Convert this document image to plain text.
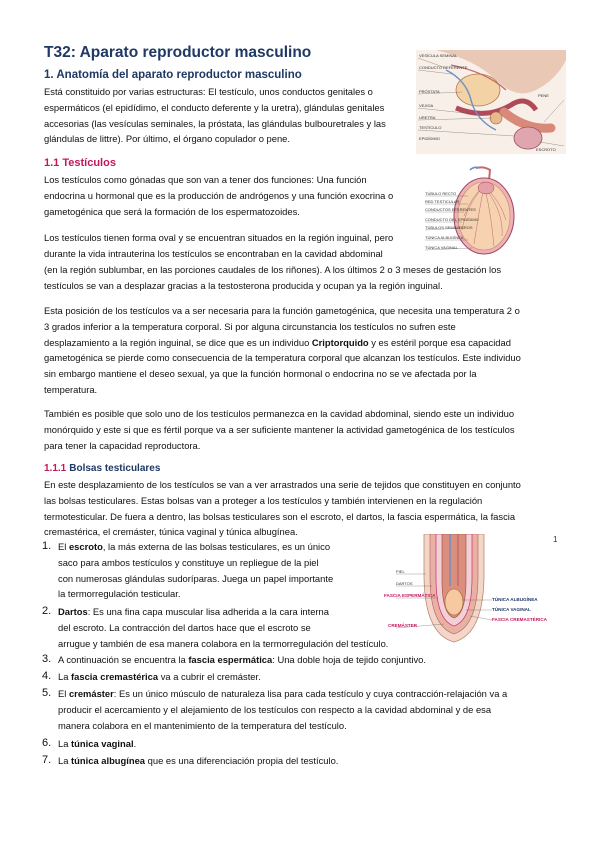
T32: Aparato reproductor masculino
1. Anatomía del aparato reproductor masculino
Está constituido por varias estructuras: El testículo, unos conductos genitales o
espermáticos (el epidídimo, el conducto deferente y la uretra), glándulas genitales
accesorias (las vesículas seminales, la próstata, las glándulas bulbouretrales y las
glándulas de littre). Por último, el órgano copulador o pene.
VESÍCULA SEMINAL
CONDUCTO DEFERENTE
PRÓSTATA
VEJIGA
URETRA
PENE
TESTÍCULO
EPIDÍDIMO
ESCROTO
1.1 Testículos
Los testículos como gónadas que son van a tener dos funciones: Una función
endocrina u hormonal que es la producción de andrógenos y una función exocrina o
gametogénica que será la formación de los espermatozoides.
Los testículos tienen forma oval y se encuentran situados en la región inguinal, pero
durante la vida intrauterina los testículos se encontraban en la cavidad abdominal
(en la región sublumbar, en las porciones caudales de los riñones). A los últimos 2 o 3 meses de gestación los
testículos se van a desplazar gracias a la testosterona producida y ocupan ya la región inguinal.
TÚBULO RECTO
RED TESTICULAR
CONDUCTOS EFERENTES
CONDUCTO DEL EPIDÍDIMO
TÚBULOS SEMINÍFEROS
TÚNICA ALBUGÍNEA
TÚNICA VAGINAL
Esta posición de los testículos va a ser necesaria para la función gametogénica, que necesita una temperatura 2 o
3 grados inferior a la temperatura corporal. Si por alguna circunstancia los testículos no sufren este
desplazamiento a la región inguinal, se dice que es un individuo Criptorquido y es estéril porque esa capacidad
gametogénica se pierde como consecuencia de la temperatura corporal que alcanzan los testículos. Este individuo
sin embargo mantiene el deseo sexual, ya que la función hormonal o endocrina no se ve afectada por la
temperatura.
También es posible que solo uno de los testículos permanezca en la cavidad abdominal, siendo este un individuo
monórquido y este si que es fértil porque va a ser suficiente mantener la actividad gametogénica de los testículos
para tener la capacidad reproductora.
1.1.1 Bolsas testiculares
En este desplazamiento de los testículos se van a ver arrastrados una serie de tejidos que constituyen en conjunto
las bolsas testiculares. Estas bolsas van a proteger a los testículos y también intervienen en la regulación
termotesticular. De fuera a dentro, las bolsas testiculares son el escroto, el dartos, la fascia espermática, la fascia
cremastérica, el cremáster, túnica vaginal y túnica albugínea.
PIEL
DARTOS
FASCIA ESPERMÁTICA
CREMÁSTER
TÚNICA ALBUGÍNEA
TÚNICA VAGINAL
FASCIA CREMASTÉRICA
1
1. El escroto, la más externa de las bolsas testiculares, es un único
saco para ambos testículos y constituye un repliegue de la piel
con numerosas glándulas sudoríparas. Juega un papel importante
la termorregulación testicular.
2. Dartos: Es una fina capa muscular lisa adherida a la cara interna
del escroto. La contracción del dartos hace que el escroto se
arrugue y también de esa manera colabora en la termorregulación del testículo.
3. A continuación se encuentra la fascia espermática: Una doble hoja de tejido conjuntivo.
4. La fascia cremastérica va a cubrir el cremáster.
5. El cremáster: Es un único músculo de naturaleza lisa para cada testículo y cuya contracción-relajación va a
producir el acercamiento y el alejamiento de los testículos con respecto a la cavidad abdominal y de esa
manera colabora en el mantenimiento de la temperatura del testículo.
6. La túnica vaginal.
7. La túnica albugínea que es una diferenciación propia del testículo.
